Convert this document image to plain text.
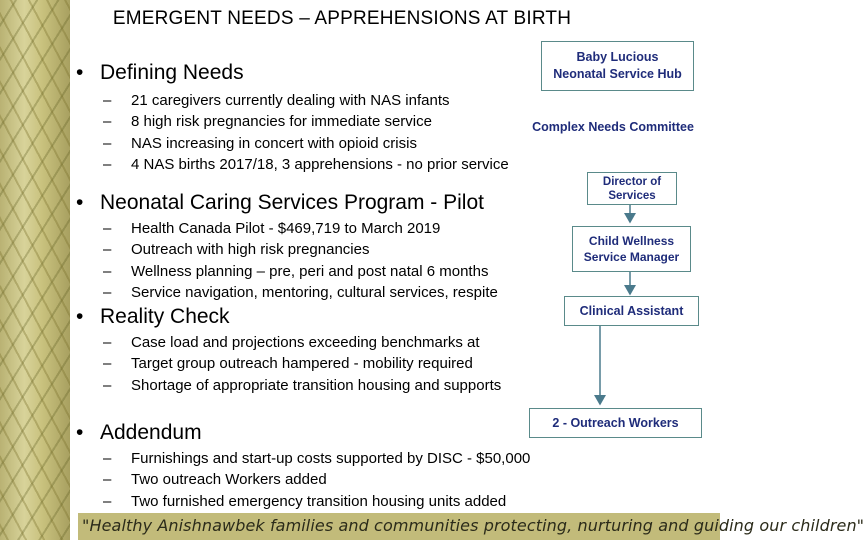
EMERGENT NEEDS – APPREHENSIONS AT BIRTH
• Defining Needs
– 21 caregivers currently dealing with NAS infants
– 8 high risk pregnancies for immediate service
– NAS increasing in concert with opioid crisis
– 4 NAS births 2017/18, 3 apprehensions - no prior service
• Neonatal Caring Services Program - Pilot
– Health Canada Pilot - $469,719 to March 2019
– Outreach with high risk pregnancies
– Wellness planning – pre, peri and post natal 6 months
– Service navigation, mentoring, cultural services, respite
• Reality Check
– Case load and projections exceeding benchmarks at
– Target group outreach hampered - mobility required
– Shortage of appropriate transition housing and supports
• Addendum
– Furnishings and start-up costs supported by DISC - $50,000
– Two outreach Workers added
– Two furnished emergency transition housing units added
Baby Lucious
Neonatal Service Hub
Complex Needs Committee
Director of
Services
Child Wellness
Service Manager
Clinical Assistant
2 - Outreach Workers
"Healthy Anishnawbek families and communities protecting, nurturing and guiding our children"
